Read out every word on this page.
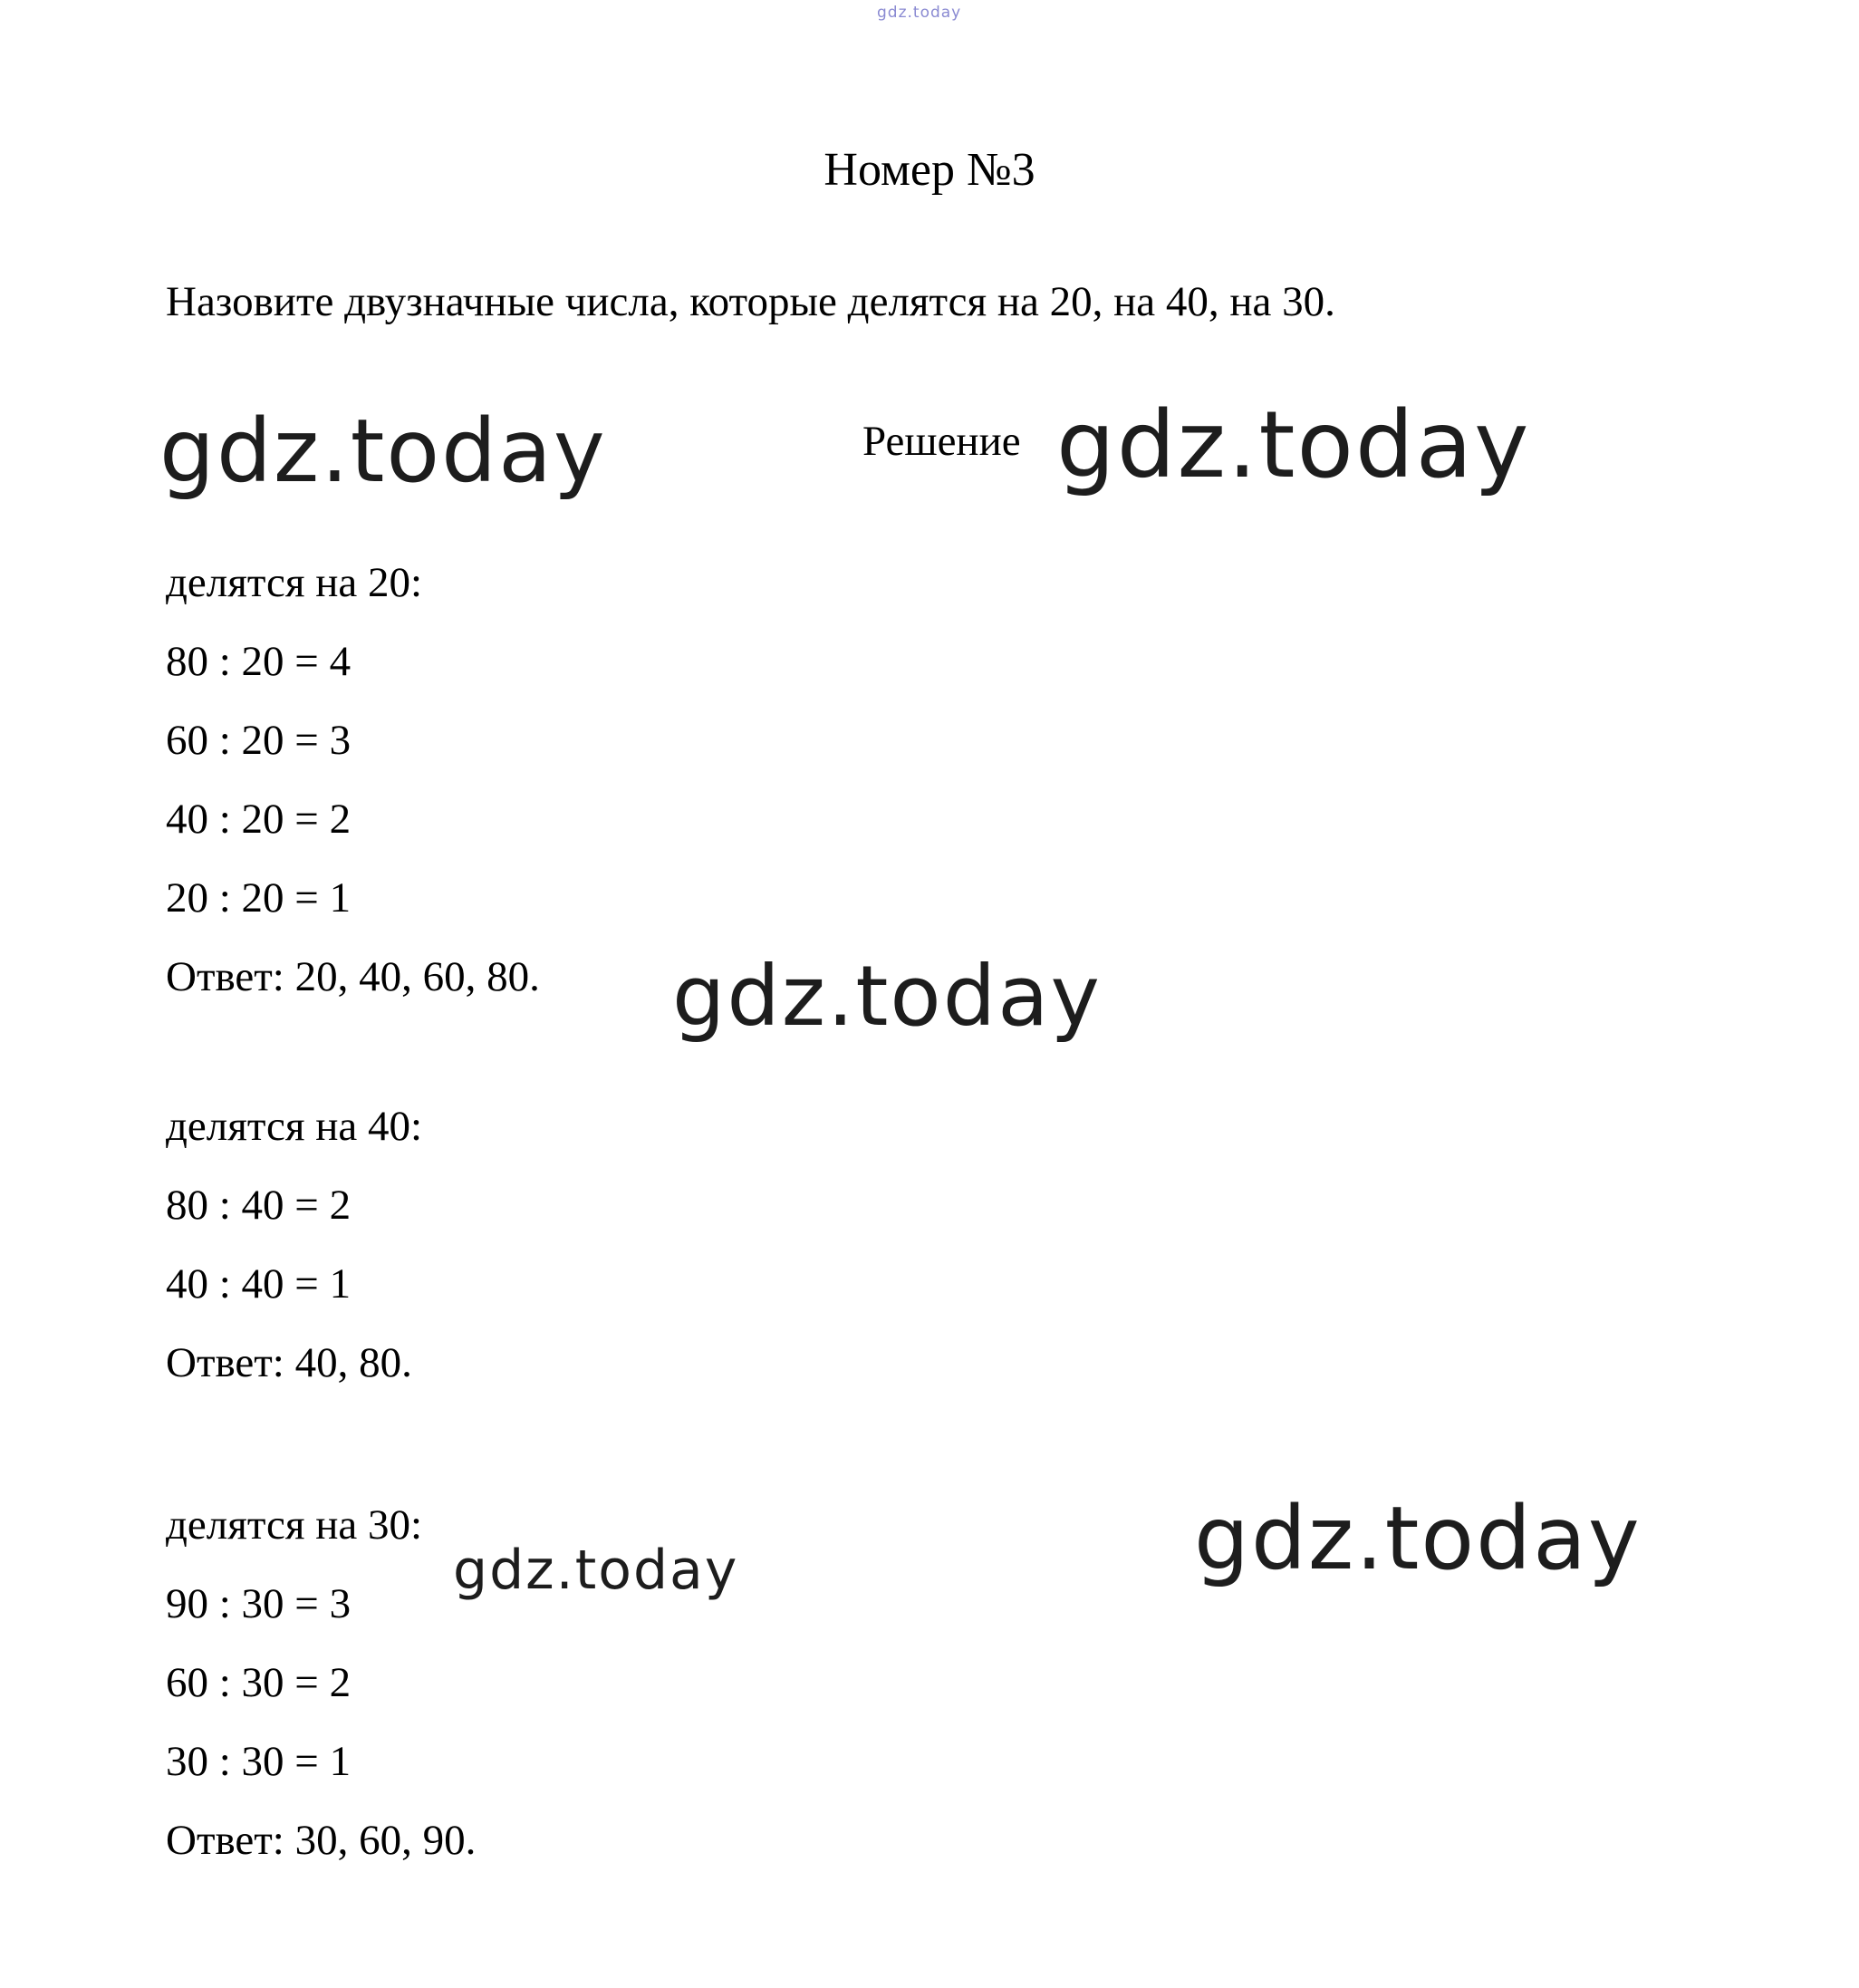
gdz.today
Номер №3
Назовите двузначные числа, которые делятся на 20, на 40, на 30.
gdz.today	Решение gdz.today
делятся на 20:
80 : 20 = 4
60 : 20 = 3
40 : 20 = 2
20 : 20 = 1
Ответ: 20, 40, 60, 80. gdz.today
делятся на 40:
80 : 40 = 2
40 : 40 = 1
Ответ: 40, 80.
gdz.today	gdz.today
делятся на 30:
90 : 30 = 3
60 : 30 = 2
30 : 30 = 1
Ответ: 30, 60, 90.
